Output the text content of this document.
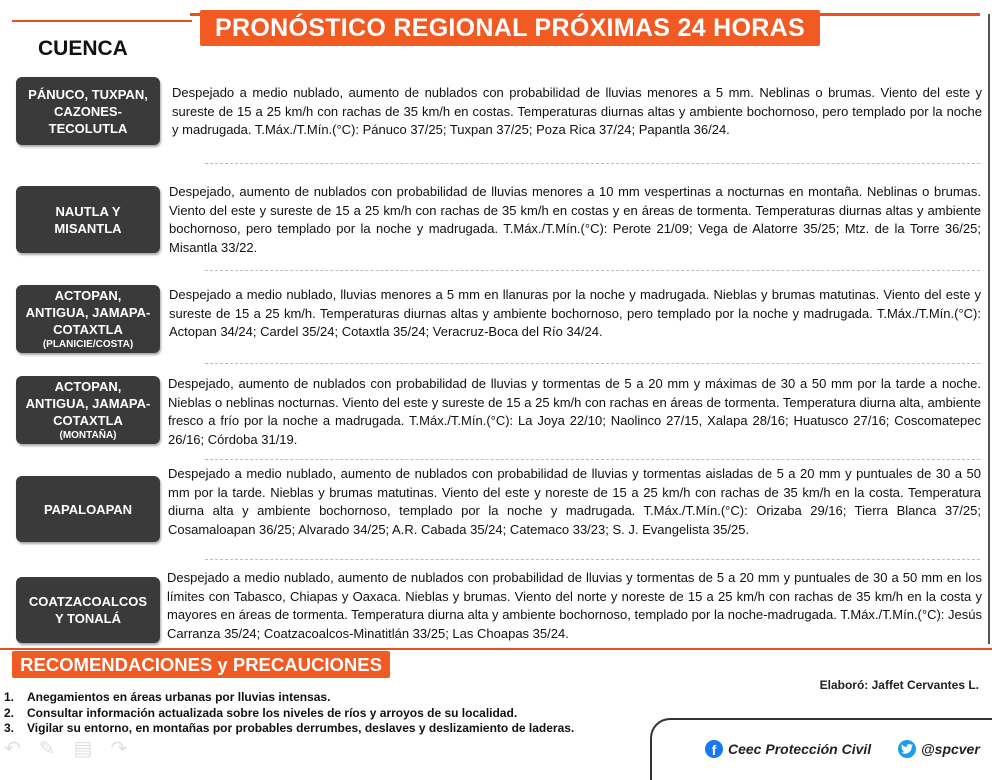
PRONÓSTICO REGIONAL PRÓXIMAS 24 HORAS
CUENCA
PÁNUCO, TUXPAN, CAZONES-TECOLUTLA
Despejado a medio nublado, aumento de nublados con probabilidad de lluvias menores a 5 mm. Neblinas o brumas. Viento del este y sureste de 15 a 25 km/h con rachas de 35 km/h en costas. Temperaturas diurnas altas y ambiente bochornoso, pero templado por la noche y madrugada. T.Máx./T.Mín.(°C): Pánuco 37/25; Tuxpan 37/25; Poza Rica 37/24; Papantla 36/24.
NAUTLA Y MISANTLA
Despejado, aumento de nublados con probabilidad de lluvias menores a 10 mm vespertinas a nocturnas en montaña. Neblinas o brumas. Viento del este y sureste de 15 a 25 km/h con rachas de 35 km/h en costas y en áreas de tormenta. Temperaturas diurnas altas y ambiente bochornoso, pero templado por la noche y madrugada. T.Máx./T.Mín.(°C): Perote 21/09; Vega de Alatorre 35/25; Mtz. de la Torre 36/25; Misantla 33/22.
ACTOPAN, ANTIGUA, JAMAPA-COTAXTLA
(PLANICIE/COSTA)
Despejado a medio nublado, lluvias menores a 5 mm en llanuras por la noche y madrugada. Nieblas y brumas matutinas. Viento del este y sureste de 15 a 25 km/h. Temperaturas diurnas altas y ambiente bochornoso, pero templado por la noche y madrugada. T.Máx./T.Mín.(°C): Actopan 34/24; Cardel 35/24; Cotaxtla 35/24; Veracruz-Boca del Río 34/24.
ACTOPAN, ANTIGUA, JAMAPA-COTAXTLA
(MONTAÑA)
Despejado, aumento de nublados con probabilidad de lluvias y tormentas de 5 a 20 mm y máximas de 30 a 50 mm por la tarde a noche. Nieblas o neblinas nocturnas. Viento del este y sureste de 15 a 25 km/h con rachas en áreas de tormenta. Temperatura diurna alta, ambiente fresco a frío por la noche a madrugada. T.Máx./T.Mín.(°C): La Joya 22/10; Naolinco 27/15, Xalapa 28/16; Huatusco 27/16; Coscomatepec 26/16; Córdoba 31/19.
PAPALOAPAN
Despejado a medio nublado, aumento de nublados con probabilidad de lluvias y tormentas aisladas de 5 a 20 mm y puntuales de 30 a 50 mm por la tarde. Nieblas y brumas matutinas. Viento del este y noreste de 15 a 25 km/h con rachas de 35 km/h en la costa. Temperatura diurna alta y ambiente bochornoso, templado por la noche y madrugada. T.Máx./T.Mín.(°C): Orizaba 29/16; Tierra Blanca 37/25; Cosamaloapan 36/25; Alvarado 34/25; A.R. Cabada 35/24; Catemaco 33/23; S. J. Evangelista 35/25.
COATZACOALCOS Y TONALÁ
Despejado a medio nublado, aumento de nublados con probabilidad de lluvias y tormentas de 5 a 20 mm y puntuales de 30 a 50 mm en los límites con Tabasco, Chiapas y Oaxaca. Nieblas y brumas. Viento del norte y noreste de 15 a 25 km/h con rachas de 35 km/h en la costa y mayores en áreas de tormenta. Temperatura diurna alta y ambiente bochornoso, templado por la noche-madrugada. T.Máx./T.Mín.(°C): Jesús Carranza 35/24; Coatzacoalcos-Minatitlán 33/25; Las Choapas 35/24.
RECOMENDACIONES y PRECAUCIONES
Elaboró: Jaffet Cervantes L.
1.	Anegamientos en áreas urbanas por lluvias intensas.
2.	Consultar información actualizada sobre los niveles de ríos y arroyos de su localidad.
3.	Vigilar su entorno, en montañas por probables derrumbes, deslaves y deslizamiento de laderas.
↶ ✎ ▤ ↷	f Ceec Protección Civil	@spcver
